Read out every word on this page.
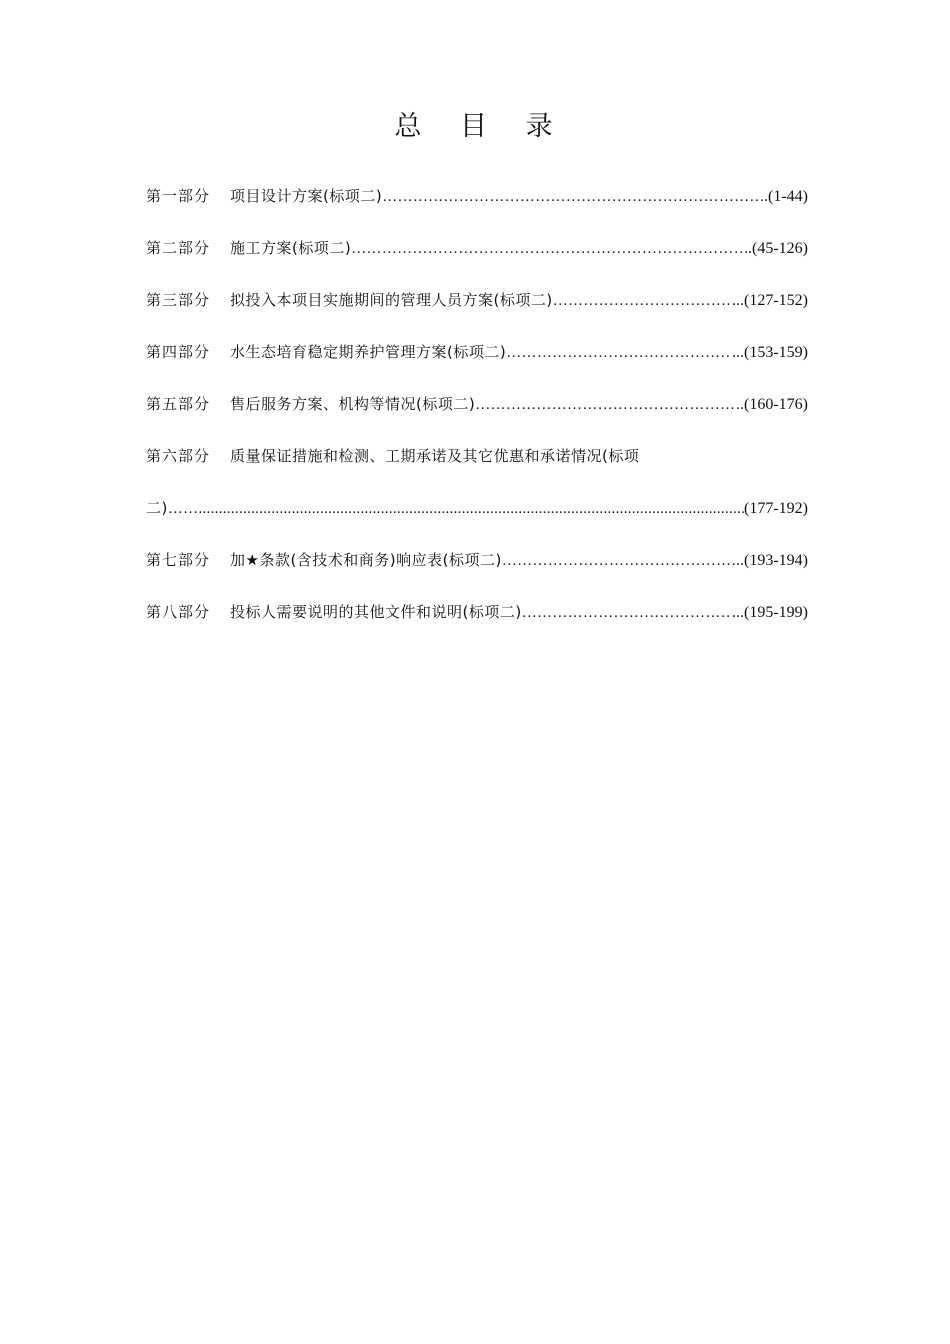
总 目 录
第一部分	项目设计方案(标项二) ……………………………………………………………………………………………………………………………………………………	.(1-44)
第二部分	施工方案(标项二) ……………………………………………………………………………………………………………………………………………………	.(45-126)
第三部分	拟投入本项目实施期间的管理人员方案(标项二) ……………………………………………………………………………………………………………………………………………………	...(127-152)
第四部分	水生态培育稳定期养护管理方案(标项二) ……………………………………………………………………………………………………………………………………………………	...(153-159)
第五部分	售后服务方案、机构等情况(标项二) ……………………………………………………………………………………………………………………………………………………	.(160-176)
第六部分	质量保证措施和检测、工期承诺及其它优惠和承诺情况(标项
二) ……...........................................................................................................................................................................................................................	(177-192)
第七部分	加★条款(含技术和商务)响应表(标项二) ……………………………………………………………………………………………………………………………………………………	..(193-194)
第八部分	投标人需要说明的其他文件和说明(标项二) ……………………………………………………………………………………………………………………………………………………	...(195-199)
